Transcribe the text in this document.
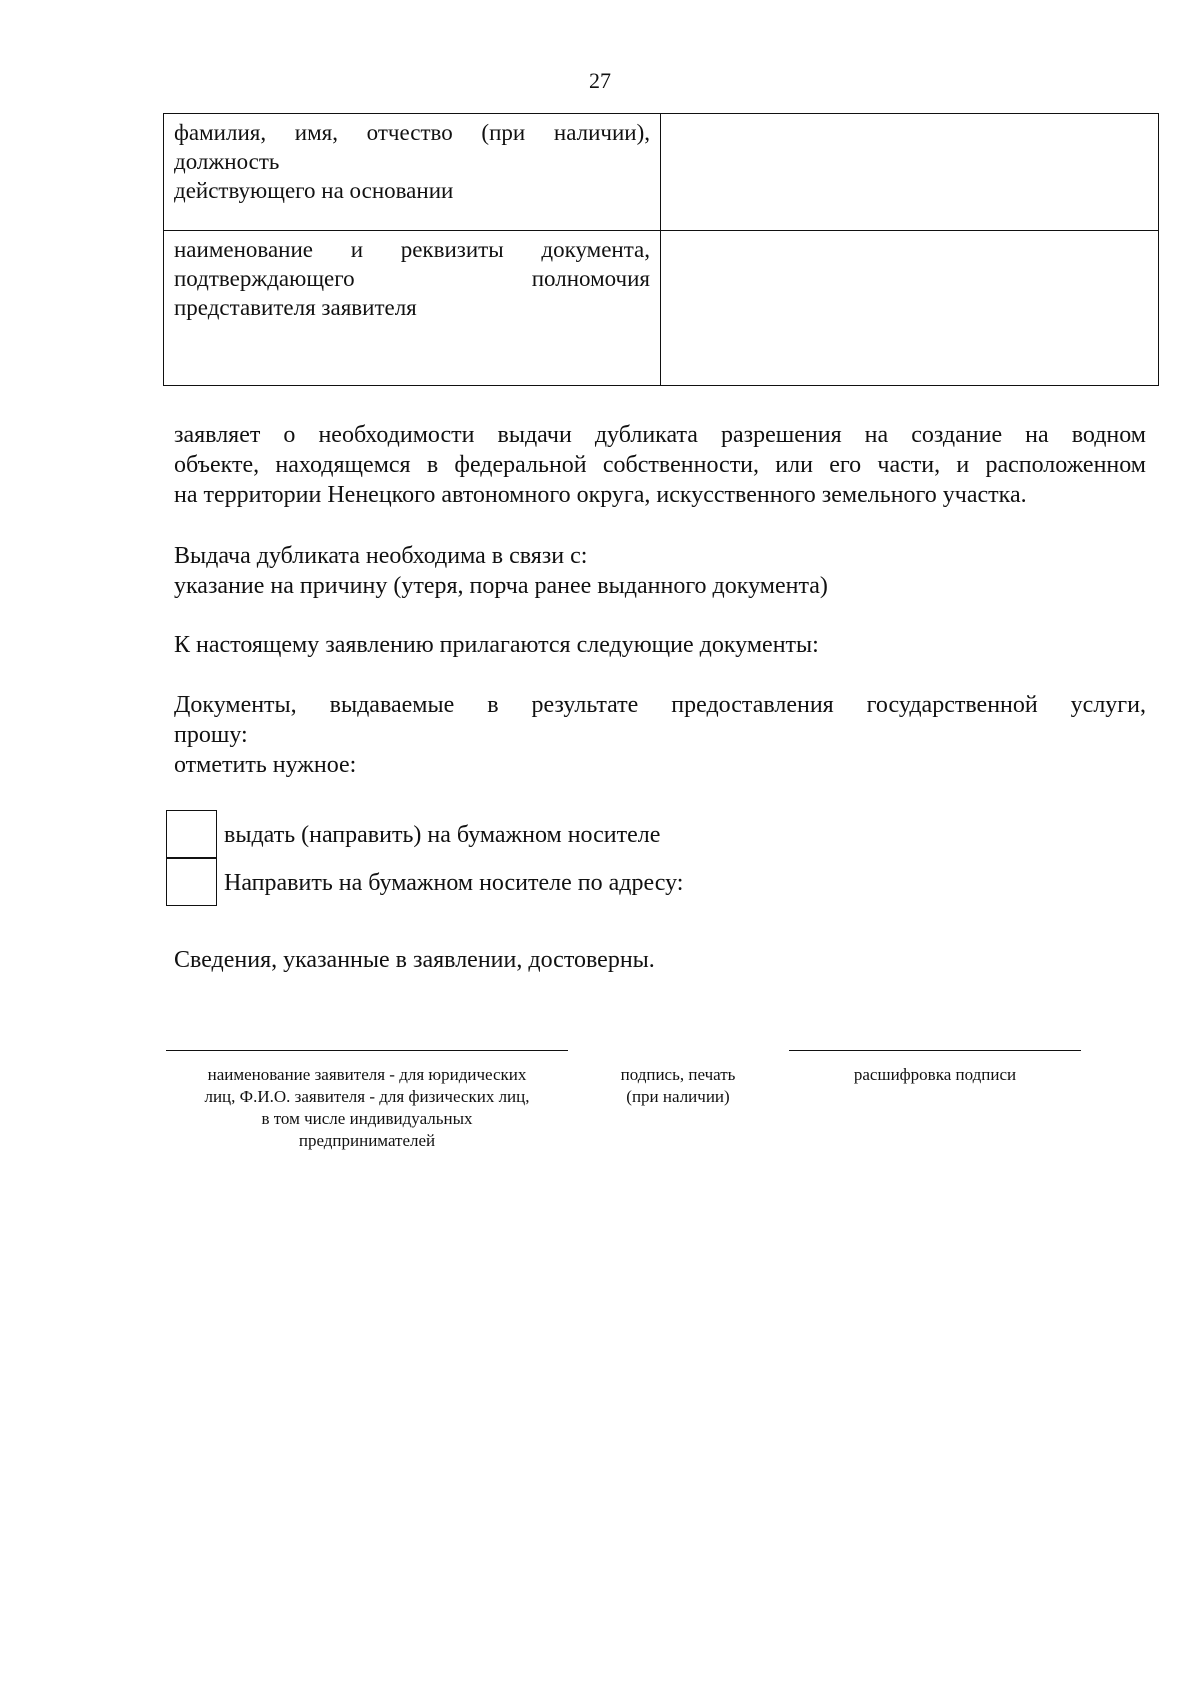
27
фамилия, имя, отчество (при наличии),
должность
действующего на основании	

наименование и реквизиты документа,
подтверждающего полномочия
представителя заявителя	

заявляет о необходимости выдачи дубликата разрешения на создание на водном
объекте, находящемся в федеральной собственности, или его части, и расположенном
на территории Ненецкого автономного округа, искусственного земельного участка.
Выдача дубликата необходима в связи с:
указание на причину (утеря, порча ранее выданного документа)
К настоящему заявлению прилагаются следующие документы:
Документы, выдаваемые в результате предоставления государственной услуги,
прошу:
отметить нужное:
выдать (направить) на бумажном носителе
Направить на бумажном носителе по адресу:
Сведения, указанные в заявлении, достоверны.
наименование заявителя - для юридических
лиц, Ф.И.О. заявителя - для физических лиц,
в том числе индивидуальных
предпринимателей
подпись, печать
(при наличии)
расшифровка подписи
